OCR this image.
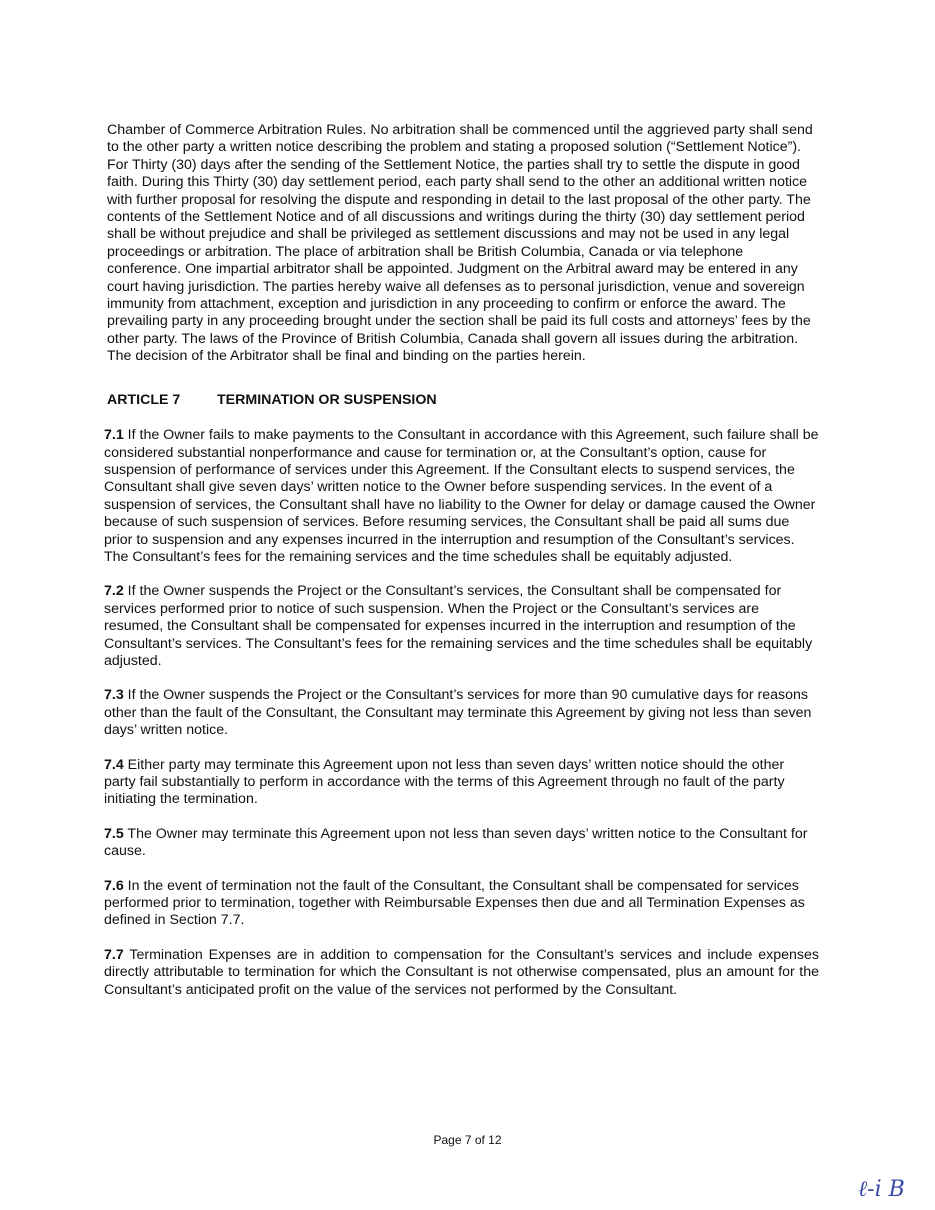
Chamber of Commerce Arbitration Rules. No arbitration shall be commenced until the aggrieved party shall send to the other party a written notice describing the problem and stating a proposed solution (“Settlement Notice”). For Thirty (30) days after the sending of the Settlement Notice, the parties shall try to settle the dispute in good faith. During this Thirty (30) day settlement period, each party shall send to the other an additional written notice with further proposal for resolving the dispute and responding in detail to the last proposal of the other party. The contents of the Settlement Notice and of all discussions and writings during the thirty (30) day settlement period shall be without prejudice and shall be privileged as settlement discussions and may not be used in any legal proceedings or arbitration. The place of arbitration shall be British Columbia, Canada or via telephone conference. One impartial arbitrator shall be appointed. Judgment on the Arbitral award may be entered in any court having jurisdiction. The parties hereby waive all defenses as to personal jurisdiction, venue and sovereign immunity from attachment, exception and jurisdiction in any proceeding to confirm or enforce the award. The prevailing party in any proceeding brought under the section shall be paid its full costs and attorneys’ fees by the other party. The laws of the Province of British Columbia, Canada shall govern all issues during the arbitration. The decision of the Arbitrator shall be final and binding on the parties herein.

ARTICLE 7	TERMINATION OR SUSPENSION

7.1 If the Owner fails to make payments to the Consultant in accordance with this Agreement, such failure shall be considered substantial nonperformance and cause for termination or, at the Consultant’s option, cause for suspension of performance of services under this Agreement. If the Consultant elects to suspend services, the Consultant shall give seven days’ written notice to the Owner before suspending services. In the event of a suspension of services, the Consultant shall have no liability to the Owner for delay or damage caused the Owner because of such suspension of services. Before resuming services, the Consultant shall be paid all sums due prior to suspension and any expenses incurred in the interruption and resumption of the Consultant’s services. The Consultant’s fees for the remaining services and the time schedules shall be equitably adjusted.

7.2 If the Owner suspends the Project or the Consultant’s services, the Consultant shall be compensated for services performed prior to notice of such suspension. When the Project or the Consultant’s services are resumed, the Consultant shall be compensated for expenses incurred in the interruption and resumption of the Consultant’s services. The Consultant’s fees for the remaining services and the time schedules shall be equitably adjusted.

7.3 If the Owner suspends the Project or the Consultant’s services for more than 90 cumulative days for reasons other than the fault of the Consultant, the Consultant may terminate this Agreement by giving not less than seven days’ written notice.

7.4 Either party may terminate this Agreement upon not less than seven days’ written notice should the other party fail substantially to perform in accordance with the terms of this Agreement through no fault of the party initiating the termination.

7.5 The Owner may terminate this Agreement upon not less than seven days’ written notice to the Consultant for cause.

7.6 In the event of termination not the fault of the Consultant, the Consultant shall be compensated for services performed prior to termination, together with Reimbursable Expenses then due and all Termination Expenses as defined in Section 7.7.

7.7 Termination Expenses are in addition to compensation for the Consultant’s services and include expenses directly attributable to termination for which the Consultant is not otherwise compensated, plus an amount for the Consultant’s anticipated profit on the value of the services not performed by the Consultant.

Page 7 of 12
ℓ-i B
